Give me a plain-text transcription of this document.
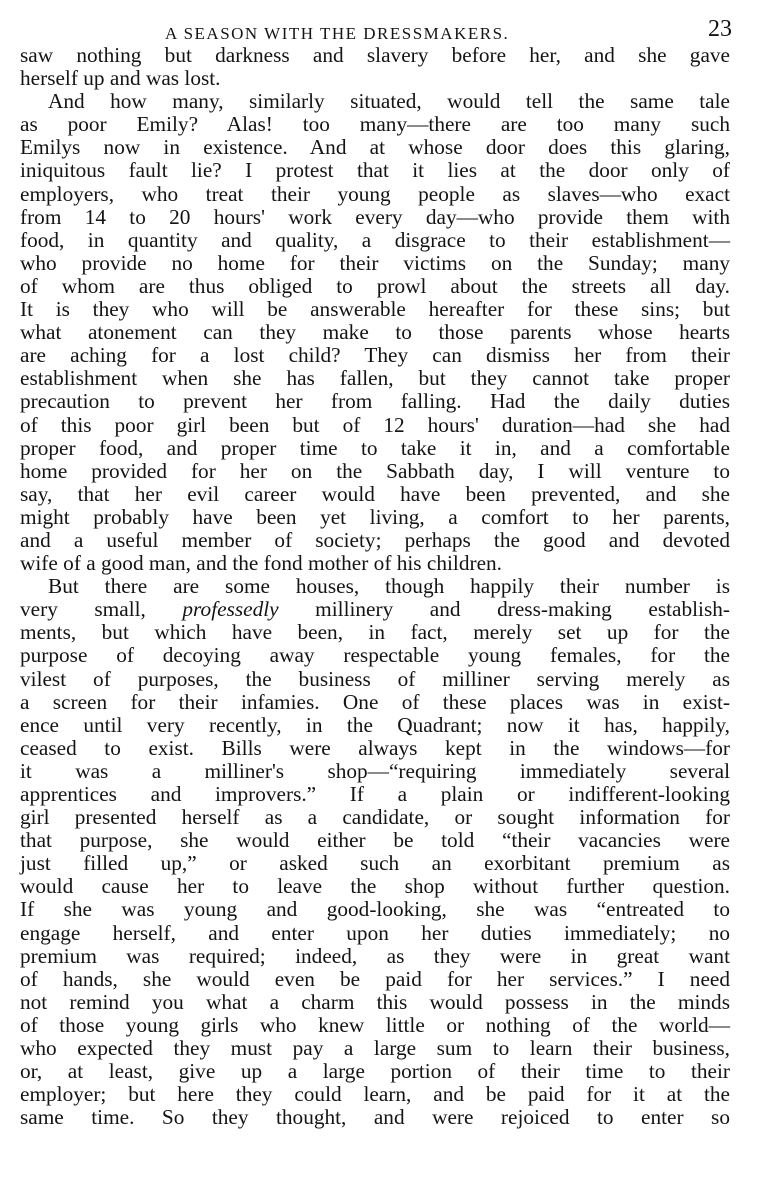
A SEASON WITH THE DRESSMAKERS.	23
saw nothing but darkness and slavery before her, and she gave
herself up and was lost.
And how many, similarly situated, would tell the same tale
as poor Emily? Alas! too many—there are too many such
Emilys now in existence. And at whose door does this glaring,
iniquitous fault lie? I protest that it lies at the door only of
employers, who treat their young people as slaves—who exact
from 14 to 20 hours' work every day—who provide them with
food, in quantity and quality, a disgrace to their establishment—
who provide no home for their victims on the Sunday; many
of whom are thus obliged to prowl about the streets all day.
It is they who will be answerable hereafter for these sins; but
what atonement can they make to those parents whose hearts
are aching for a lost child? They can dismiss her from their
establishment when she has fallen, but they cannot take proper
precaution to prevent her from falling. Had the daily duties
of this poor girl been but of 12 hours' duration—had she had
proper food, and proper time to take it in, and a comfortable
home provided for her on the Sabbath day, I will venture to
say, that her evil career would have been prevented, and she
might probably have been yet living, a comfort to her parents,
and a useful member of society; perhaps the good and devoted
wife of a good man, and the fond mother of his children.
But there are some houses, though happily their number is
very small, professedly millinery and dress-making establish-
ments, but which have been, in fact, merely set up for the
purpose of decoying away respectable young females, for the
vilest of purposes, the business of milliner serving merely as
a screen for their infamies. One of these places was in exist-
ence until very recently, in the Quadrant; now it has, happily,
ceased to exist. Bills were always kept in the windows—for
it was a milliner's shop—“requiring immediately several
apprentices and improvers.” If a plain or indifferent-looking
girl presented herself as a candidate, or sought information for
that purpose, she would either be told “their vacancies were
just filled up,” or asked such an exorbitant premium as
would cause her to leave the shop without further question.
If she was young and good-looking, she was “entreated to
engage herself, and enter upon her duties immediately; no
premium was required; indeed, as they were in great want
of hands, she would even be paid for her services.” I need
not remind you what a charm this would possess in the minds
of those young girls who knew little or nothing of the world—
who expected they must pay a large sum to learn their business,
or, at least, give up a large portion of their time to their
employer; but here they could learn, and be paid for it at the
same time. So they thought, and were rejoiced to enter so
